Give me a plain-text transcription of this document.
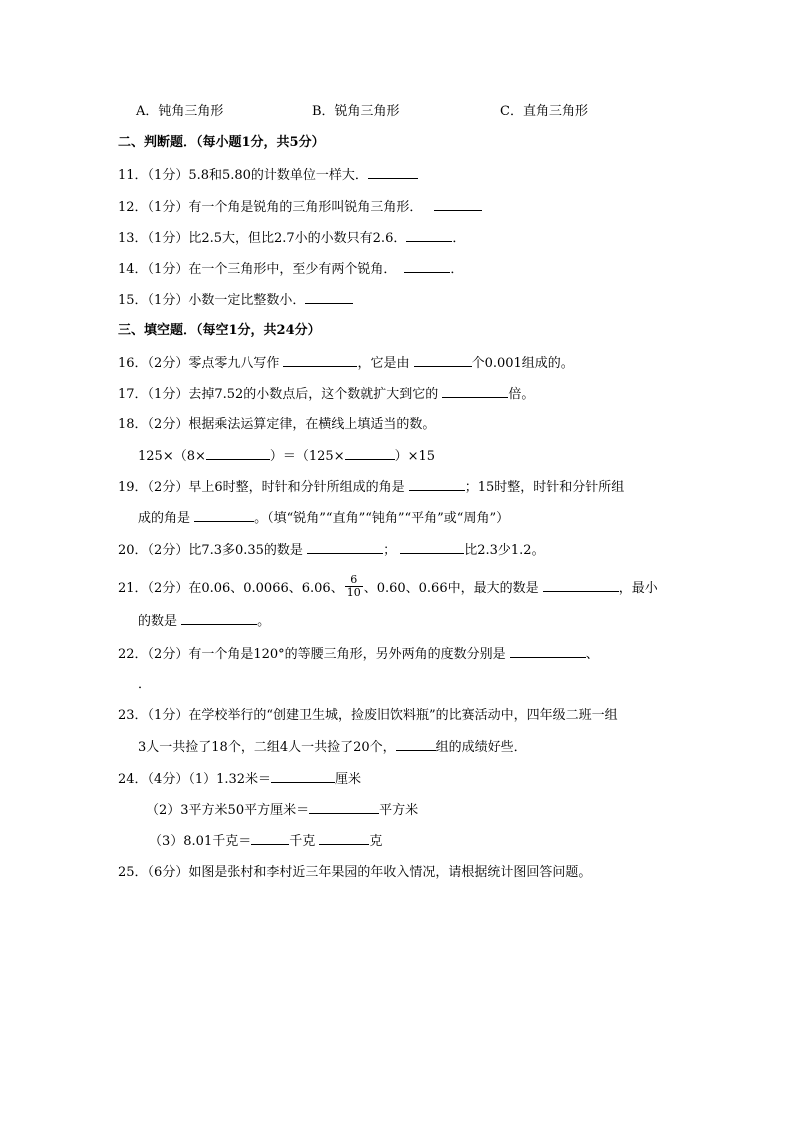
A．钝角三角形	B．锐角三角形	C．直角三角形
二、判断题．（每小题1分，共5分）
11．（1分）5.8和5.80的计数单位一样大．
12．（1分）有一个角是锐角的三角形叫锐角三角形．
13．（1分）比2.5大，但比2.7小的小数只有2.6．	．
14．（1分）在一个三角形中，至少有两个锐角．	．
15．（1分）小数一定比整数小．
三、填空题．（每空1分，共24分）
16．（2分）零点零九八写作	，它是由	个0.001组成的。
17．（1分）去掉7.52的小数点后，这个数就扩大到它的	倍。
18．（2分）根据乘法运算定律，在横线上填适当的数。
125×（8×	）＝（125×	）×15
19．（2分）早上6时整，时针和分针所组成的角是	；15时整，时针和分针所组
成的角是	。（填“锐角”“直角”“钝角”“平角”或“周角”）
20．（2分）比7.3多0.35的数是	；	比2.3少1.2。
21．（2分）在0.06、0.0066、6.06、 $\frac{6}{10}$ 、0.60、0.66中，最大的数是	，最小
的数是	。
22．（2分）有一个角是120°的等腰三角形，另外两角的度数分别是	、
．
23．（1分）在学校举行的“创建卫生城，捡废旧饮料瓶”的比赛活动中，四年级二班一组
3人一共捡了18个，二组4人一共捡了20个，	组的成绩好些．
24．（4分）（1）1.32米＝	厘米
（2）3平方米50平方厘米＝	平方米
（3）8.01千克＝	千克	克
25．（6分）如图是张村和李村近三年果园的年收入情况，请根据统计图回答问题。
